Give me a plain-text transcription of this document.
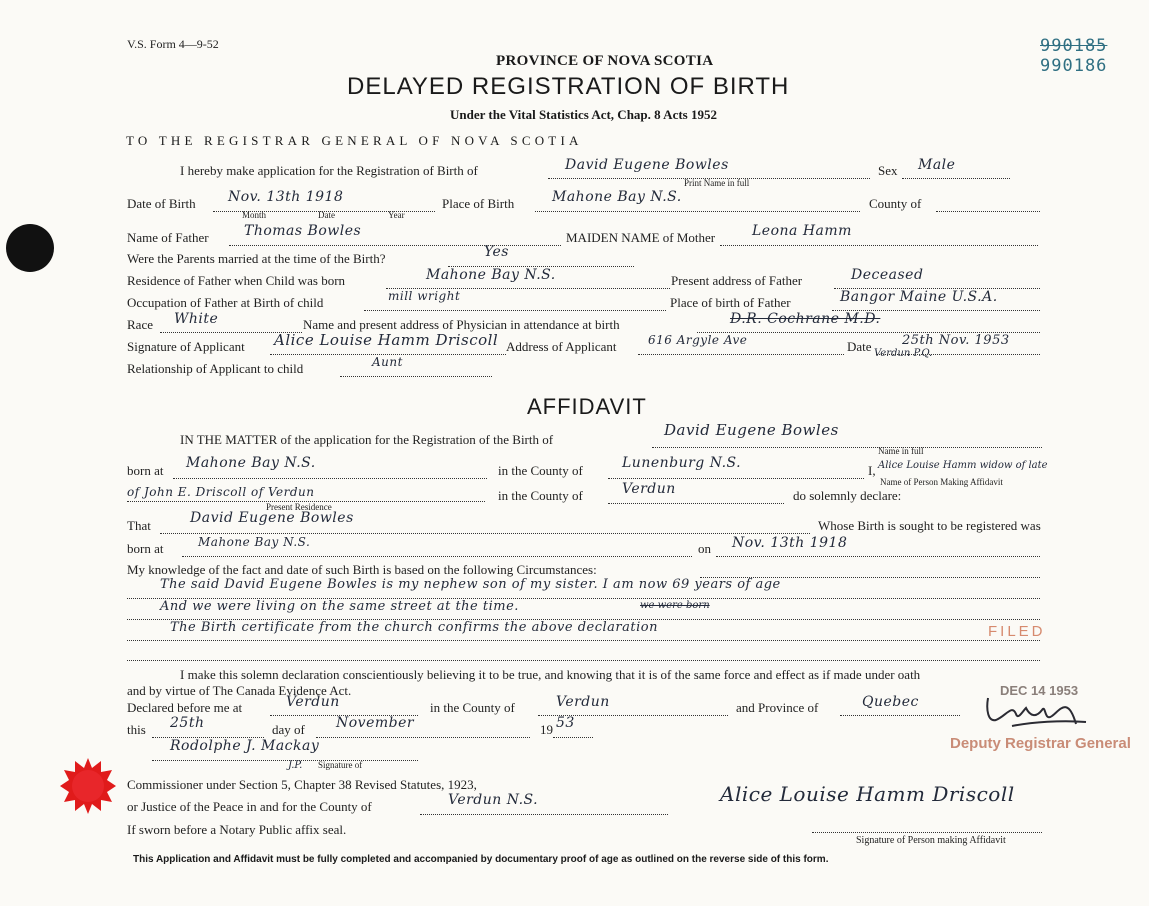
V.S. Form 4—9-52
PROVINCE OF NOVA SCOTIA
DELAYED REGISTRATION OF BIRTH
Under the Vital Statistics Act, Chap. 8 Acts 1952
990185
990186
TO THE REGISTRAR GENERAL OF NOVA SCOTIA
I hereby make application for the Registration of Birth of	David Eugene Bowles
Print Name in full
Sex Male
Date of Birth Nov. 13th 1918
Month	Date	Year
Place of Birth	Mahone Bay N.S.	County of
Name of Father	Thomas Bowles	MAIDEN NAME of Mother	Leona Hamm
Were the Parents married at the time of the Birth?	Yes
Residence of Father when Child was born	Mahone Bay N.S.	Present address of Father	Deceased
Occupation of Father at Birth of child	mill wright	Place of birth of Father	Bangor Maine U.S.A.
Race White	Name and present address of Physician in attendance at birth	D.R. Cochrane M.D.
Signature of Applicant Alice Louise Hamm Driscoll Address of Applicant	616 Argyle Ave
Verdun P.Q.
Date 25th Nov. 1953
Relationship of Applicant to child	Aunt
AFFIDAVIT
IN THE MATTER of the application for the Registration of the Birth of
David Eugene Bowles
Name in full
born at Mahone Bay N.S.	in the County of	Lunenburg N.S.	I, Alice Louise Hamm widow of late
Name of Person Making Affidavit
of John E. Driscoll of Verdun
Present Residence
in the County of	Verdun	do solemnly declare:
That	David Eugene Bowles	Whose Birth is sought to be registered was
born at	Mahone Bay N.S.	on Nov. 13th 1918
My knowledge of the fact and date of such Birth is based on the following Circumstances:
The said David Eugene Bowles is my nephew son of my sister. I am now 69 years of age
And we were living on the same street at the time.	we were born
The Birth certificate from the church confirms the above declaration
I make this solemn declaration conscientiously believing it to be true, and knowing that it is of the same force and effect as if made under oath
and by virtue of The Canada Evidence Act.
Declared before me at	Verdun	in the County of	Verdun	and Province of	Quebec
this 25th	day of November	19 53
Rodolphe J. Mackay
Signature of
J.P.
Commissioner under Section 5, Chapter 38 Revised Statutes, 1923,
or Justice of the Peace in and for the County of	Verdun N.S.
If sworn before a Notary Public affix seal.
Alice Louise Hamm Driscoll
Signature of Person making Affidavit
FILED
DEC 14 1953
Deputy Registrar General
This Application and Affidavit must be fully completed and accompanied by documentary proof of age as outlined on the reverse side of this form.
